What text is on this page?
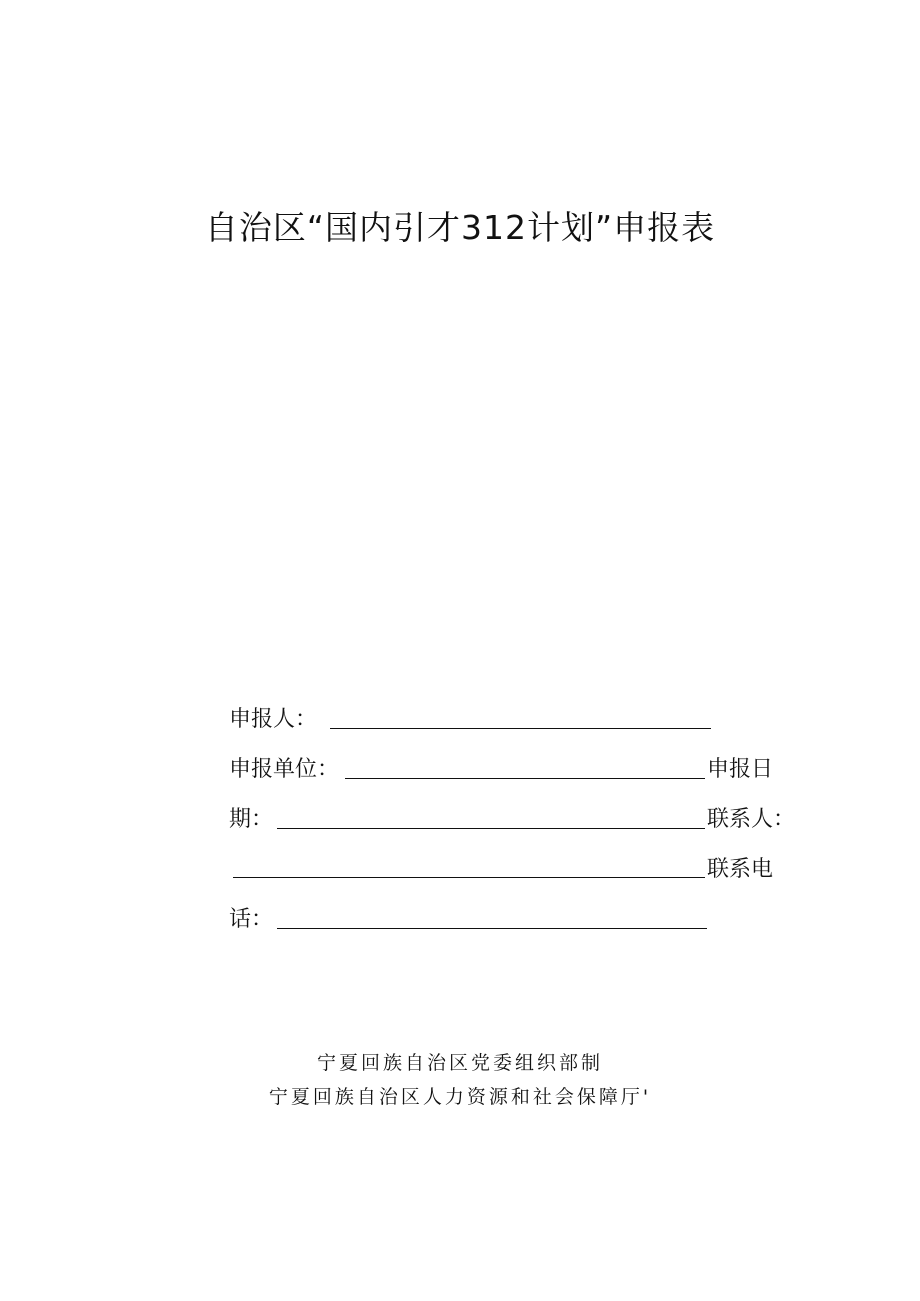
自治区“国内引才312计划”申报表
申报人：
申报单位：	申报日
期：	联系人：
联系电
话：
宁夏回族自治区党委组织部制
宁夏回族自治区人力资源和社会保障厅'
